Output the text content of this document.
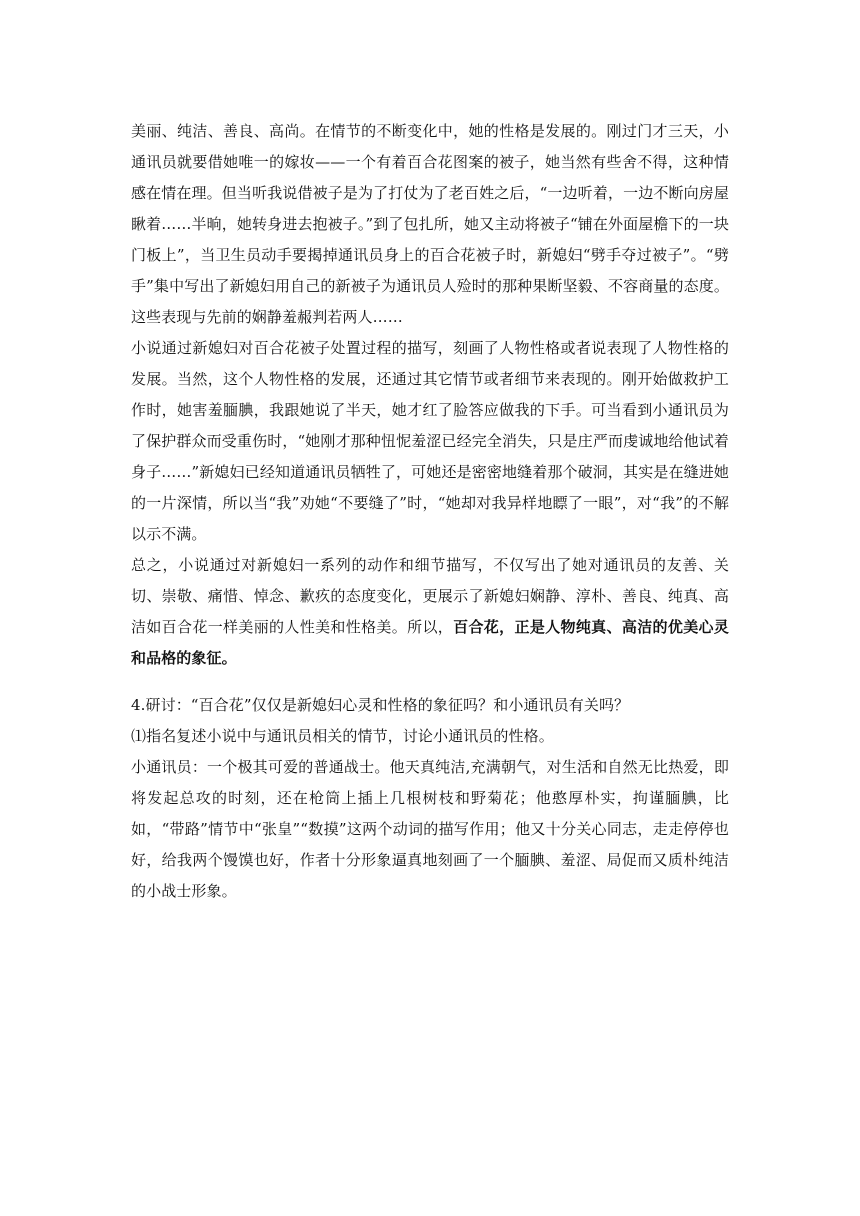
美丽、纯洁、善良、高尚。在情节的不断变化中，她的性格是发展的。刚过门才三天，小通讯员就要借她唯一的嫁妆——一个有着百合花图案的被子，她当然有些舍不得，这种情感在情在理。但当听我说借被子是为了打仗为了老百姓之后，“一边听着，一边不断向房屋瞅着……半晌，她转身进去抱被子。”到了包扎所，她又主动将被子“铺在外面屋檐下的一块门板上”，当卫生员动手要揭掉通讯员身上的百合花被子时，新媳妇“劈手夺过被子”。“劈手”集中写出了新媳妇用自己的新被子为通讯员人殓时的那种果断坚毅、不容商量的态度。这些表现与先前的娴静羞赧判若两人……

小说通过新媳妇对百合花被子处置过程的描写，刻画了人物性格或者说表现了人物性格的发展。当然，这个人物性格的发展，还通过其它情节或者细节来表现的。刚开始做救护工作时，她害羞腼腆，我跟她说了半天，她才红了脸答应做我的下手。可当看到小通讯员为了保护群众而受重伤时，“她刚才那种忸怩羞涩已经完全消失，只是庄严而虔诚地给他试着身子……”新媳妇已经知道通讯员牺牲了，可她还是密密地缝着那个破洞，其实是在缝进她的一片深情，所以当“我”劝她“不要缝了”时，“她却对我异样地瞟了一眼”，对“我”的不解以示不满。

总之，小说通过对新媳妇一系列的动作和细节描写，不仅写出了她对通讯员的友善、关切、崇敬、痛惜、悼念、歉疚的态度变化，更展示了新媳妇娴静、淳朴、善良、纯真、高洁如百合花一样美丽的人性美和性格美。所以，百合花，正是人物纯真、高洁的优美心灵和品格的象征。

4.研讨：“百合花”仅仅是新媳妇心灵和性格的象征吗？和小通讯员有关吗？

⑴指名复述小说中与通讯员相关的情节，讨论小通讯员的性格。

小通讯员：一个极其可爱的普通战士。他天真纯洁,充满朝气，对生活和自然无比热爱，即将发起总攻的时刻，还在枪筒上插上几根树枝和野菊花；他憨厚朴实，拘谨腼腆，比如，“带路”情节中“张皇”“数摸”这两个动词的描写作用；他又十分关心同志，走走停停也好，给我两个馒馍也好，作者十分形象逼真地刻画了一个腼腆、羞涩、局促而又质朴纯洁的小战士形象。
